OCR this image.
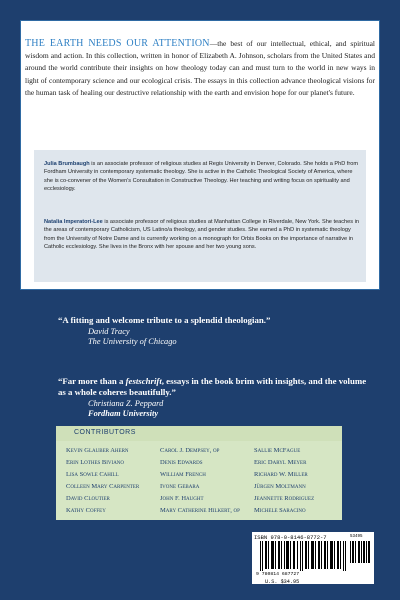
THE EARTH NEEDS OUR ATTENTION—the best of our intellectual, ethical, and spiritual wisdom and action. In this collection, written in honor of Elizabeth A. Johnson, scholars from the United States and around the world contribute their insights on how theology today can and must turn to the world in new ways in light of contemporary science and our ecological crisis. The essays in this collection advance theological visions for the human task of healing our destructive relationship with the earth and envision hope for our planet's future.

Julia Brumbaugh is an associate professor of religious studies at Regis University in Denver, Colorado. She holds a PhD from Fordham University in contemporary systematic theology. She is active in the Catholic Theological Society of America, where she is co-convener of the Women's Consultation in Constructive Theology. Her teaching and writing focus on spirituality and ecclesiology.

Natalia Imperatori-Lee is associate professor of religious studies at Manhattan College in Riverdale, New York. She teaches in the areas of contemporary Catholicism, US Latino/a theology, and gender studies. She earned a PhD in systematic theology from the University of Notre Dame and is currently working on a monograph for Orbis Books on the importance of narrative in Catholic ecclesiology. She lives in the Bronx with her spouse and her two young sons.

“A fitting and welcome tribute to a splendid theologian.”

David Tracy

The University of Chicago

“Far more than a festschrift, essays in the book brim with insights, and the volume as a whole coheres beautifully.”

Christiana Z. Peppard

Fordham University

CONTRIBUTORS

Kevin Glauber Ahern

Erin Lothes Biviano

Lisa Sowle Cahill

Colleen Mary Carpenter

David Cloutier

Kathy Coffey

Carol J. Dempsey, op

Denis Edwards

William French

Ivone Gebara

John F. Haught

Mary Catherine Hilkert, op

Sallie McFague

Eric Daryl Meyer

Richard W. Miller

Jürgen Moltmann

Jeannette Rodriguez

Michele Saracino

ISBN 978-0-8146-8772-7	53495

9 780814 687727

U.S. $34.95
